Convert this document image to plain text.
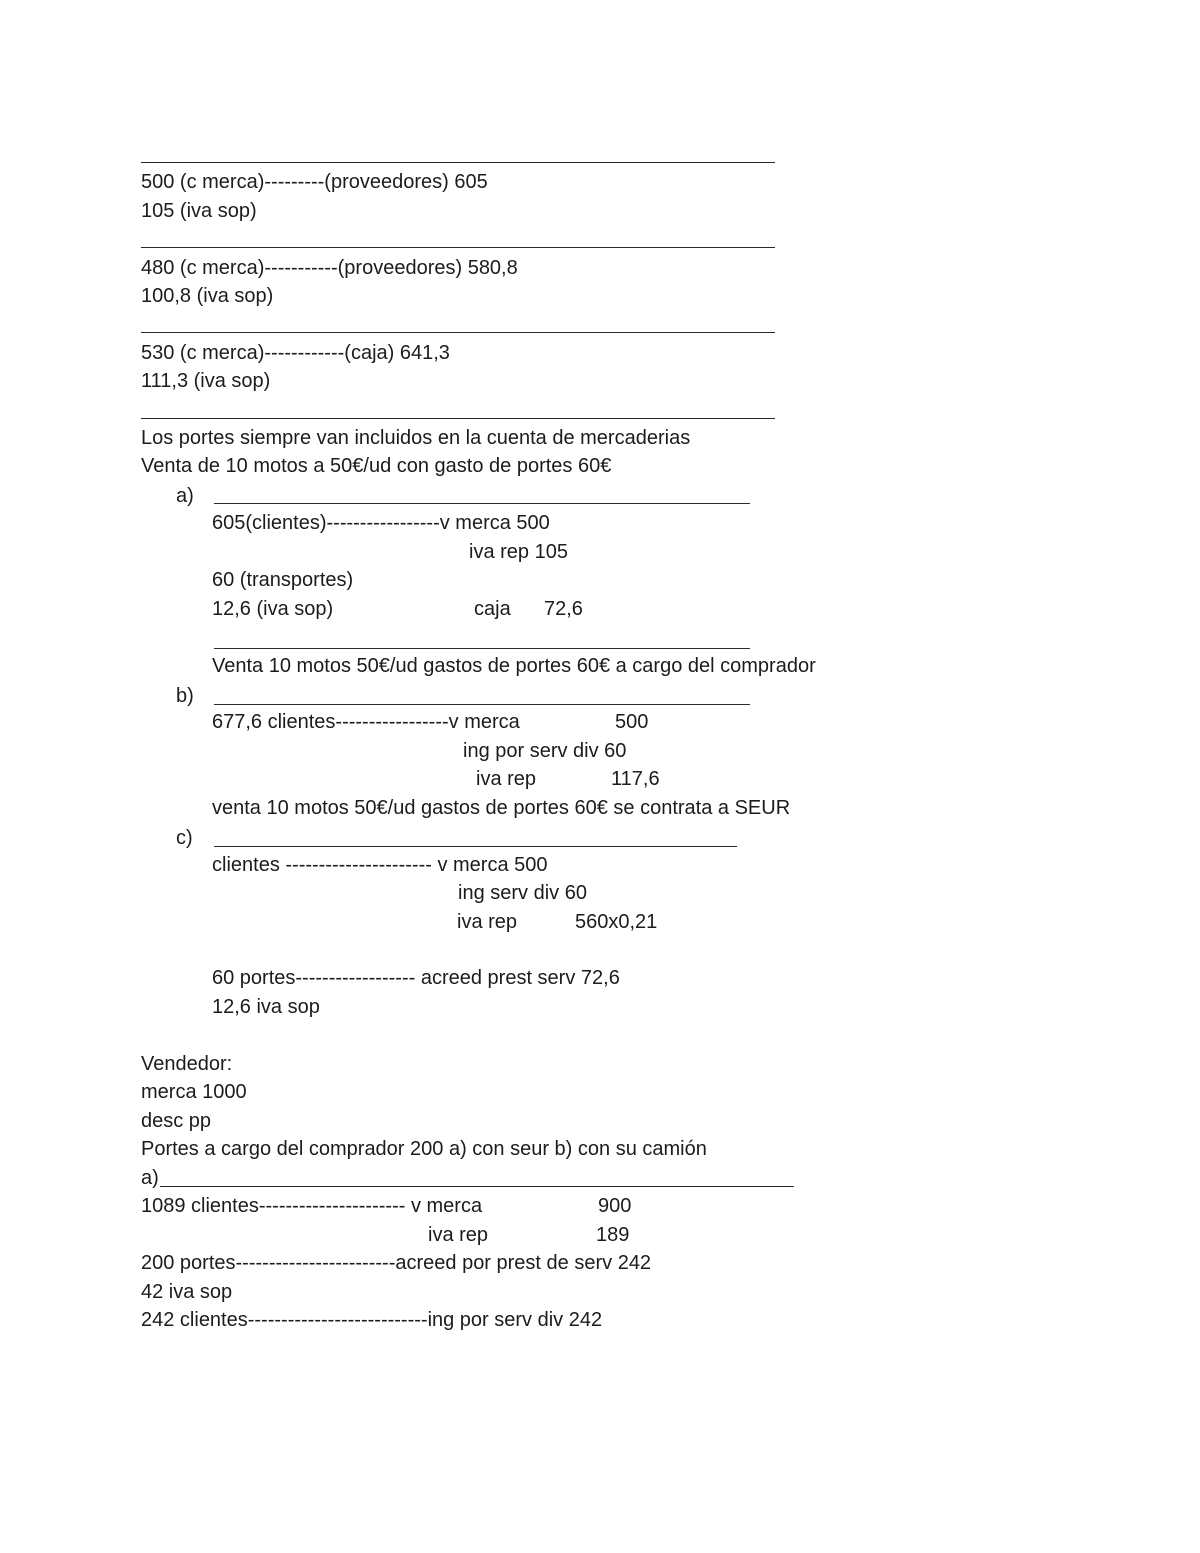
500 (c merca)---------(proveedores) 605
105 (iva sop)
480 (c merca)-----------(proveedores) 580,8
100,8 (iva sop)
530 (c merca)------------(caja) 641,3
111,3 (iva sop)
Los portes siempre van incluidos en la cuenta de mercaderias
Venta de 10 motos a 50€/ud con gasto de portes 60€
a)
605(clientes)-----------------v merca 500
iva rep 105
60 (transportes)
12,6 (iva sop)	caja 72,6
Venta 10 motos 50€/ud gastos de portes 60€ a cargo del comprador
b)
677,6 clientes-----------------v merca	500
ing por serv div 60
iva rep	117,6
venta 10 motos 50€/ud gastos de portes 60€ se contrata a SEUR
c)
clientes ---------------------- v merca 500
ing serv div 60
iva rep	560x0,21
60 portes------------------ acreed prest serv 72,6
12,6 iva sop
Vendedor:
merca 1000
desc pp
Portes a cargo del comprador 200 a) con seur b) con su camión
a)
1089 clientes---------------------- v merca	900
iva rep	189
200 portes------------------------acreed por prest de serv 242
42 iva sop
242 clientes---------------------------ing por serv div 242
